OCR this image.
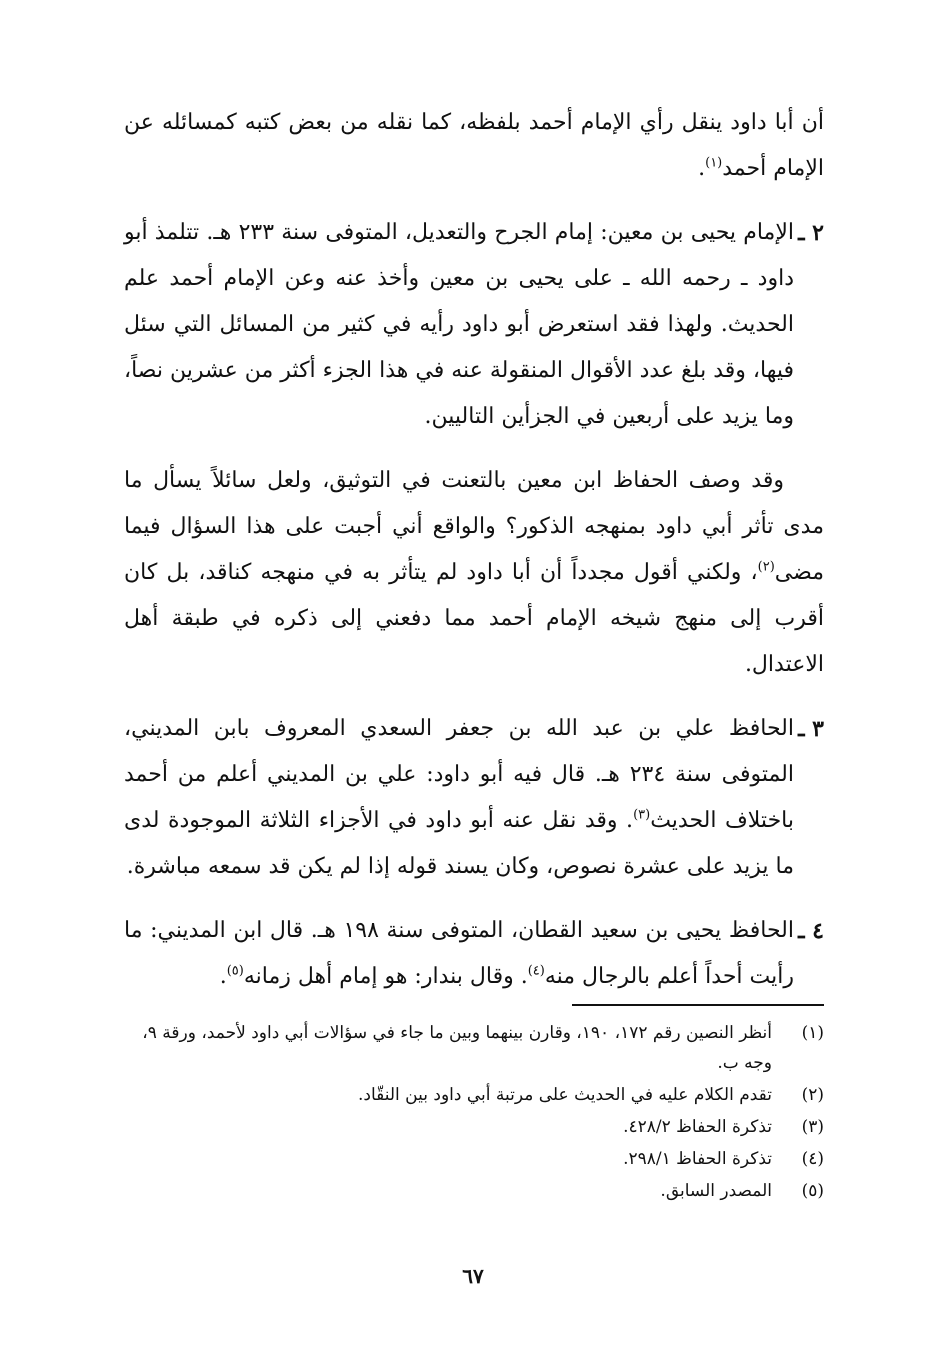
أن أبا داود ينقل رأي الإمام أحمد بلفظه، كما نقله من بعض كتبه كمسائله عن الإمام أحمد$^{(١)}$.

٢ ـ
الإمام يحيى بن معين: إمام الجرح والتعديل، المتوفى سنة ٢٣٣ هـ. تتلمذ أبو داود ـ رحمه الله ـ على يحيى بن معين وأخذ عنه وعن الإمام أحمد علم الحديث. ولهذا فقد استعرض أبو داود رأيه في كثير من المسائل التي سئل فيها، وقد بلغ عدد الأقوال المنقولة عنه في هذا الجزء أكثر من عشرين نصاً، وما يزيد على أربعين في الجزأين التاليين.

وقد وصف الحفاظ ابن معين بالتعنت في التوثيق، ولعل سائلاً يسأل ما مدى تأثر أبي داود بمنهجه الذكور؟ والواقع أني أجبت على هذا السؤال فيما مضى$^{(٢)}$، ولكني أقول مجدداً أن أبا داود لم يتأثر به في منهجه كناقد، بل كان أقرب إلى منهج شيخه الإمام أحمد مما دفعني إلى ذكره في طبقة أهل الاعتدال.

٣ ـ
الحافظ علي بن عبد الله بن جعفر السعدي المعروف بابن المديني، المتوفى سنة ٢٣٤ هـ. قال فيه أبو داود: علي بن المديني أعلم من أحمد باختلاف الحديث$^{(٣)}$. وقد نقل عنه أبو داود في الأجزاء الثلاثة الموجودة لدى ما يزيد على عشرة نصوص، وكان يسند قوله إذا لم يكن قد سمعه مباشرة.
٤ ـ
الحافظ يحيى بن سعيد القطان، المتوفى سنة ١٩٨ هـ. قال ابن المديني: ما رأيت أحداً أعلم بالرجال منه$^{(٤)}$. وقال بندار: هو إمام أهل زمانه$^{(٥)}$.

(١)
أنظر النصين رقم ١٧٢، ١٩٠، وقارن بينهما وبين ما جاء في سؤالات أبي داود لأحمد، ورقة ٩، وجه ب.

(٢)
تقدم الكلام عليه في الحديث على مرتبة أبي داود بين النقّاد.

(٣)
تذكرة الحفاظ ٤٢٨/٢.

(٤)
تذكرة الحفاظ ٢٩٨/١.

(٥)
المصدر السابق.

٦٧
